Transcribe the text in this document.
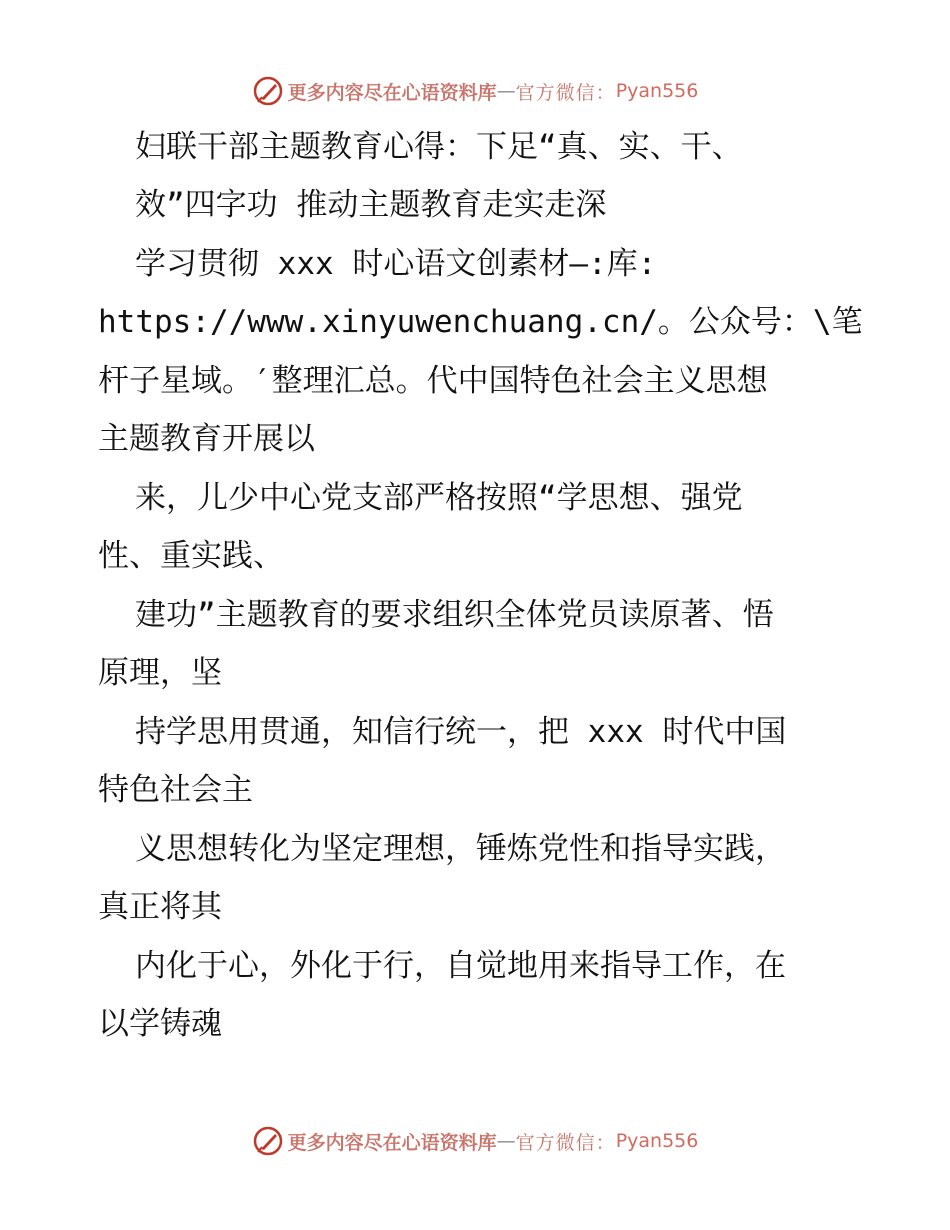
更多内容尽在心语资料库 — 官方微信： Pyan556
妇联干部主题教育心得：下足“真、实、干、
效”四字功 推动主题教育走实走深
学习贯彻 xxx 时心语文创素材—:库:
https://www.xinyuwenchuang.cn/。公众号：\笔
杆子星域。′整理汇总。代中国特色社会主义思想
主题教育开展以
来，儿少中心党支部严格按照“学思想、强党
性、重实践、
建功”主题教育的要求组织全体党员读原著、悟
原理，坚
持学思用贯通，知信行统一，把 xxx 时代中国
特色社会主
义思想转化为坚定理想，锤炼党性和指导实践，
真正将其
内化于心，外化于行，自觉地用来指导工作，在
以学铸魂
更多内容尽在心语资料库 — 官方微信： Pyan556
